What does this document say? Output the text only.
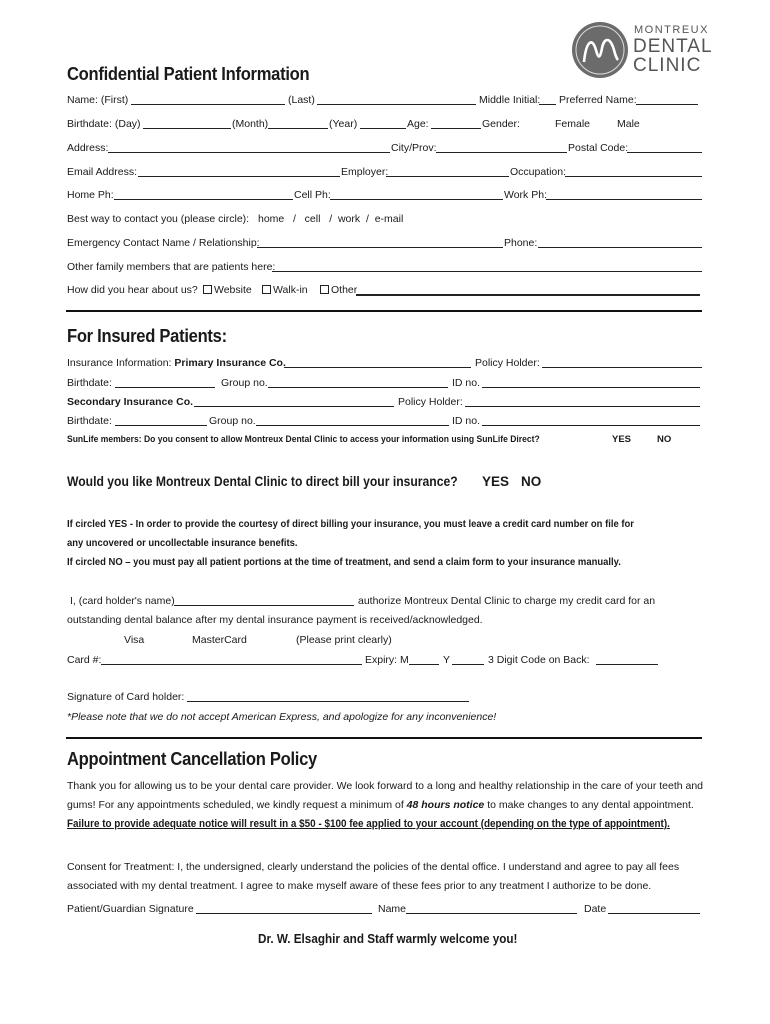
MONTREUX
DENTAL
CLINIC
Confidential Patient Information
Name: (First)	(Last)	Middle Initial: Preferred Name:
Birthdate: (Day)	(Month)	(Year)	Age:	Gender:	Female	Male
Address:	City/Prov:	Postal Code:
Email Address:	Employer:	Occupation:
Home Ph:	Cell Ph:	Work Ph:
Best way to contact you (please circle): home   /   cell   /  work  /  e-mail
Emergency Contact Name / Relationship:	Phone:
Other family members that are patients here:
How did you hear about us?	Website	Walk-in	Other
For Insured Patients:
Insurance Information: Primary Insurance Co.	Policy Holder:
Birthdate:	Group no.	ID no.
Secondary Insurance Co.	Policy Holder:
Birthdate:	Group no.	ID no.
SunLife members: Do you consent to allow Montreux Dental Clinic to access your information using SunLife Direct?	YES	NO
Would you like Montreux Dental Clinic to direct bill your insurance? YES NO
If circled YES - In order to provide the courtesy of direct billing your insurance, you must leave a credit card number on file for
any uncovered or uncollectable insurance benefits.
If circled NO – you must pay all patient portions at the time of treatment, and send a claim form to your insurance manually.
I, (card holder's name)	authorize Montreux Dental Clinic to charge my credit card for an
outstanding dental balance after my dental insurance payment is received/acknowledged.
Visa	MasterCard	(Please print clearly)
Card #:	Expiry: M	Y	3 Digit Code on Back:
Signature of Card holder:
*Please note that we do not accept American Express, and apologize for any inconvenience!
Appointment Cancellation Policy
Thank you for allowing us to be your dental care provider. We look forward to a long and healthy relationship in the care of your teeth and
gums! For any appointments scheduled, we kindly request a minimum of 48 hours notice to make changes to any dental appointment.
Failure to provide adequate notice will result in a $50 - $100 fee applied to your account (depending on the type of appointment).
Consent for Treatment: I, the undersigned, clearly understand the policies of the dental office. I understand and agree to pay all fees
associated with my dental treatment. I agree to make myself aware of these fees prior to any treatment I authorize to be done.
Patient/Guardian Signature	Name	Date
Dr. W. Elsaghir and Staff warmly welcome you!
